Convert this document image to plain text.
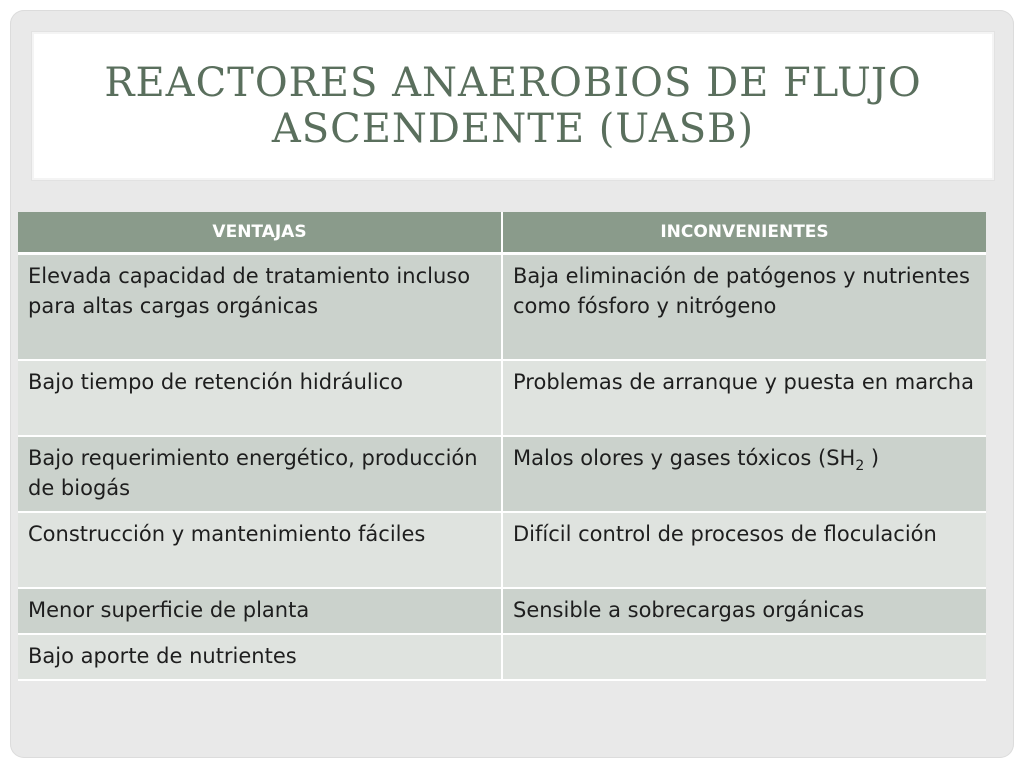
REACTORES ANAEROBIOS DE FLUJO
ASCENDENTE (UASB)
VENTAJAS	INCONVENIENTES
Elevada capacidad de tratamiento incluso para altas cargas orgánicas	Baja eliminación de patógenos y nutrientes como fósforo y nitrógeno
Bajo tiempo de retención hidráulico	Problemas de arranque y puesta en marcha
Bajo requerimiento energético, producción de biogás	Malos olores y gases tóxicos ($SH_2$ )
Construcción y mantenimiento fáciles	Difícil control de procesos de floculación
Menor superficie de planta	Sensible a sobrecargas orgánicas
Bajo aporte de nutrientes	
